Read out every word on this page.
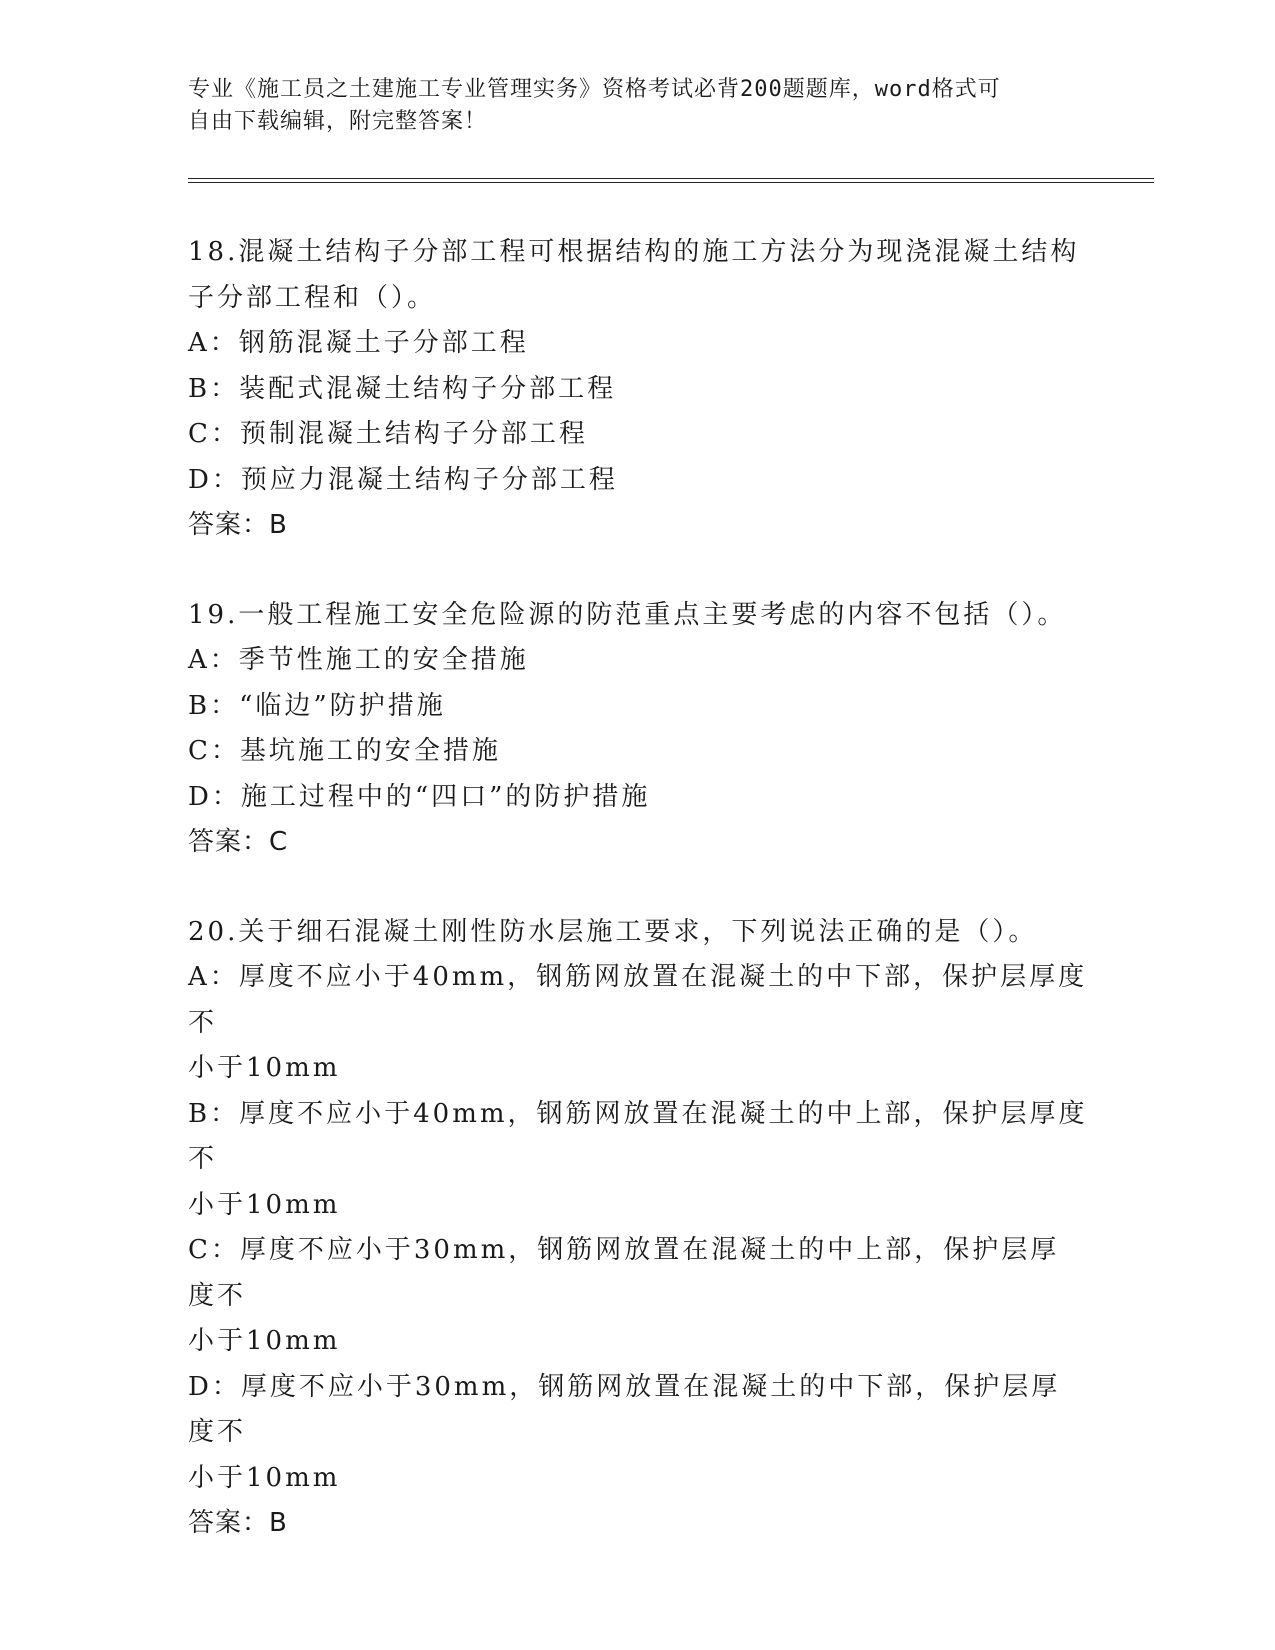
专业《施工员之土建施工专业管理实务》资格考试必背200题题库，word格式可
自由下载编辑，附完整答案！
18.混凝土结构子分部工程可根据结构的施工方法分为现浇混凝土结构
子分部工程和（）。
A：钢筋混凝土子分部工程
B：装配式混凝土结构子分部工程
C：预制混凝土结构子分部工程
D：预应力混凝土结构子分部工程
答案：B
19.一般工程施工安全危险源的防范重点主要考虑的内容不包括（）。
A：季节性施工的安全措施
B：“临边”防护措施
C：基坑施工的安全措施
D：施工过程中的“四口”的防护措施
答案：C
20.关于细石混凝土刚性防水层施工要求，下列说法正确的是（）。
A：厚度不应小于40mm，钢筋网放置在混凝土的中下部，保护层厚度不
小于10mm
B：厚度不应小于40mm，钢筋网放置在混凝土的中上部，保护层厚度不
小于10mm
C：厚度不应小于30mm，钢筋网放置在混凝土的中上部，保护层厚度不
小于10mm
D：厚度不应小于30mm，钢筋网放置在混凝土的中下部，保护层厚度不
小于10mm
答案：B
